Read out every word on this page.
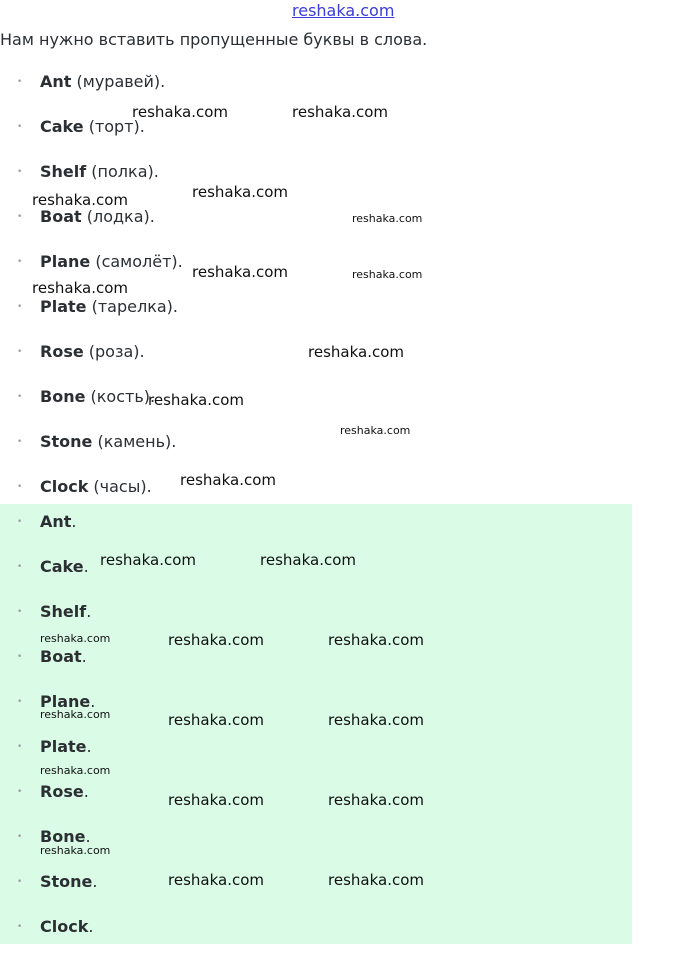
reshaka.com
Нам нужно вставить пропущенные буквы в слова.
• Ant (муравей).
• Cake (торт).
• Shelf (полка).
• Boat (лодка).
• Plane (самолёт).
• Plate (тарелка).
• Rose (роза).
• Bone (кость).
• Stone (камень).
• Clock (часы).
• Ant.
• Cake.
• Shelf.
• Boat.
• Plane.
• Plate.
• Rose.
• Bone.
• Stone.
• Clock.
reshaka.com	reshaka.com
reshaka.com
reshaka.com
reshaka.com
reshaka.com	reshaka.com
reshaka.com
reshaka.com
reshaka.com
reshaka.com
reshaka.com
reshaka.com	reshaka.com
reshaka.com	reshaka.com	reshaka.com
reshaka.com	reshaka.com	reshaka.com
reshaka.com
reshaka.com	reshaka.com
reshaka.com
reshaka.com	reshaka.com
